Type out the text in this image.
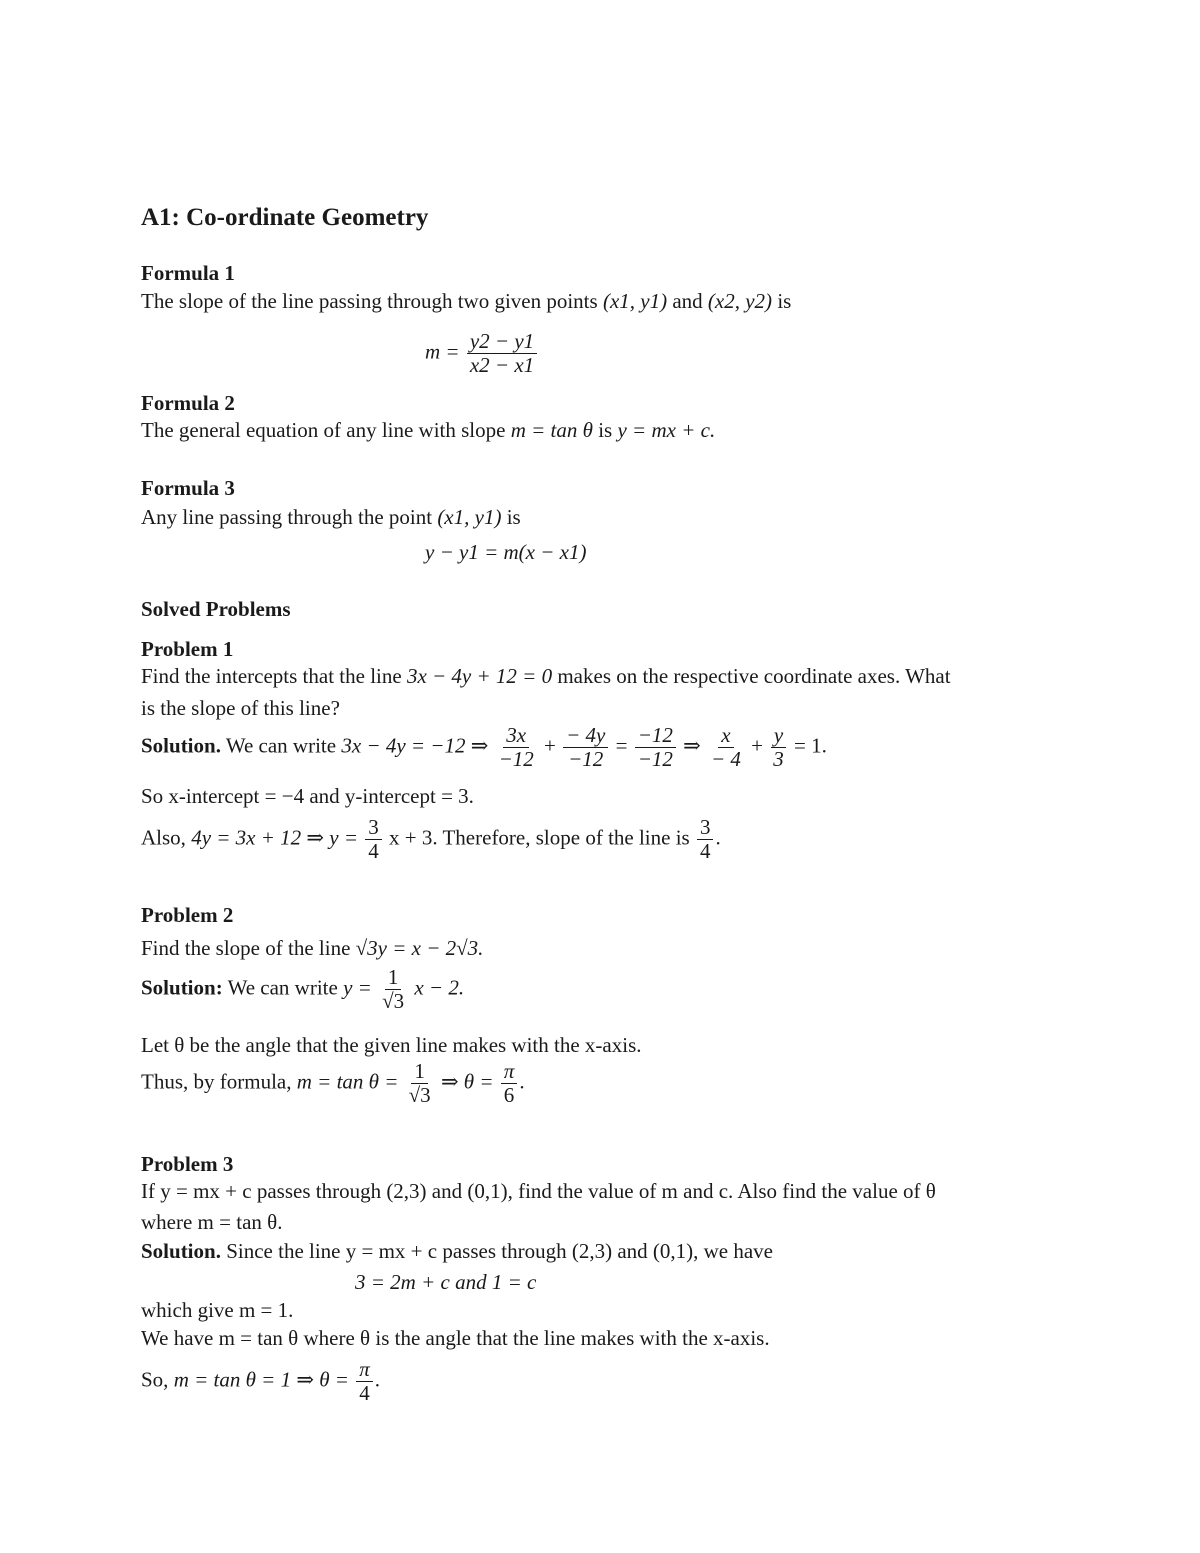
A1: Co-ordinate Geometry
Formula 1
The slope of the line passing through two given points (x1, y1) and (x2, y2) is
$m = \frac{y2 - y1}{x2 - x1}$
Formula 2
The general equation of any line with slope m = tan θ is y = mx + c.
Formula 3
Any line passing through the point (x1, y1) is
y − y1 = m(x − x1)
Solved Problems
Problem 1
Find the intercepts that the line 3x − 4y + 12 = 0 makes on the respective coordinate axes. What
is the slope of this line?
Solution. We can write 3x − 4y = −12 ⇒ $\frac{3x}{-12} + \frac{- 4y}{-12} = \frac{-12}{-12}$ ⇒ $\frac{x}{- 4} + \frac{y}{3} = 1$.
So x-intercept = −4 and y-intercept = 3.
Also, 4y = 3x + 12 ⇒ $y = \frac{3}{4}$ x + 3. Therefore, slope of the line is $\frac{3}{4}$ .
Problem 2
Find the slope of the line √3y = x − 2√3.
Solution: We can write $y = \frac{1}{√3}$ x − 2.
Let θ be the angle that the given line makes with the x-axis.
Thus, by formula, $m = \tan \theta = \frac{1}{√3}$ ⇒ $\theta = \frac{\pi}{6}$ .
Problem 3
If y = mx + c passes through (2,3) and (0,1), find the value of m and c. Also find the value of θ
where m = tan θ.
Solution. Since the line y = mx + c passes through (2,3) and (0,1), we have
3 = 2m + c and 1 = c
which give m = 1.
We have m = tan θ where θ is the angle that the line makes with the x-axis.
So, m = tan θ = 1 ⇒ $\theta = \frac{\pi}{4}$ .
